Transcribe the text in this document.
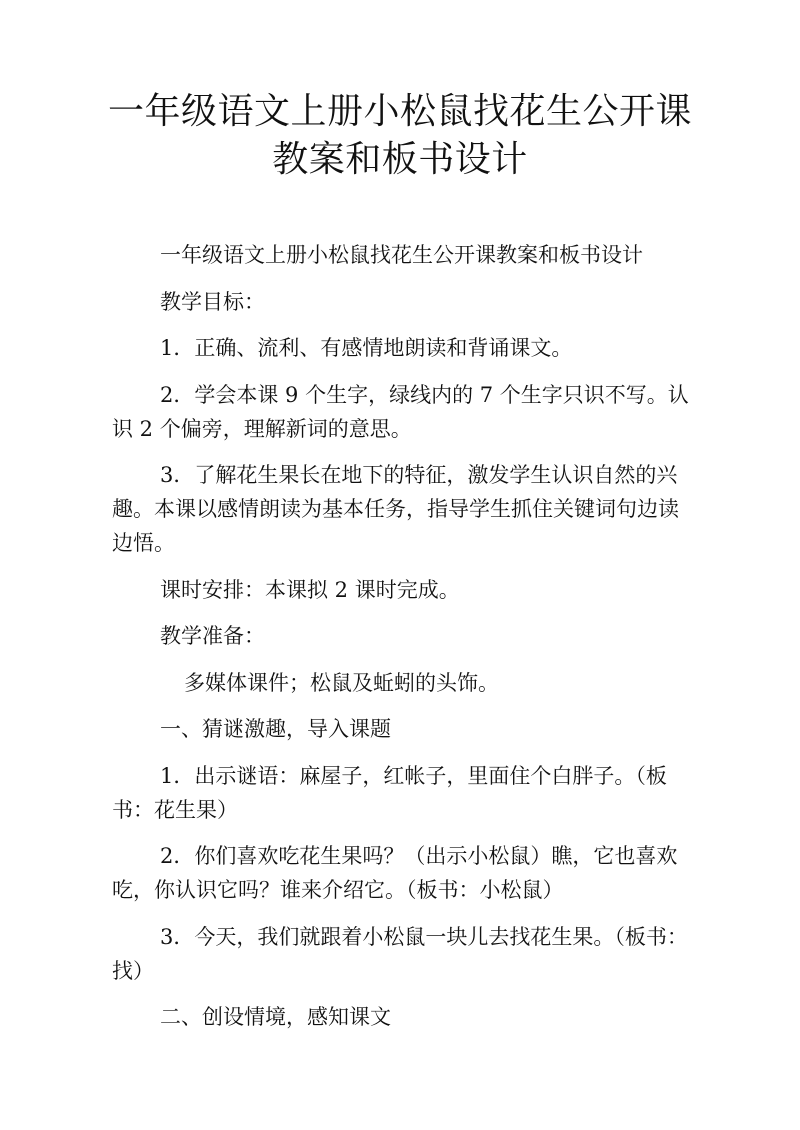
一年级语文上册小松鼠找花生公开课教案和板书设计

一年级语文上册小松鼠找花生公开课教案和板书设计

教学目标：

1．正确、流利、有感情地朗读和背诵课文。

2．学会本课 9 个生字，绿线内的 7 个生字只识不写。认识 2 个偏旁，理解新词的意思。

3．了解花生果长在地下的特征，激发学生认识自然的兴趣。本课以感情朗读为基本任务，指导学生抓住关键词句边读边悟。

课时安排：本课拟 2 课时完成。

教学准备：

多媒体课件；松鼠及蚯蚓的头饰。

一、猜谜激趣，导入课题

1．出示谜语：麻屋子，红帐子，里面住个白胖子。（板书：花生果）

2．你们喜欢吃花生果吗？（出示小松鼠）瞧，它也喜欢吃，你认识它吗？谁来介绍它。（板书：小松鼠）

3．今天，我们就跟着小松鼠一块儿去找花生果。（板书：找）

二、创设情境，感知课文
